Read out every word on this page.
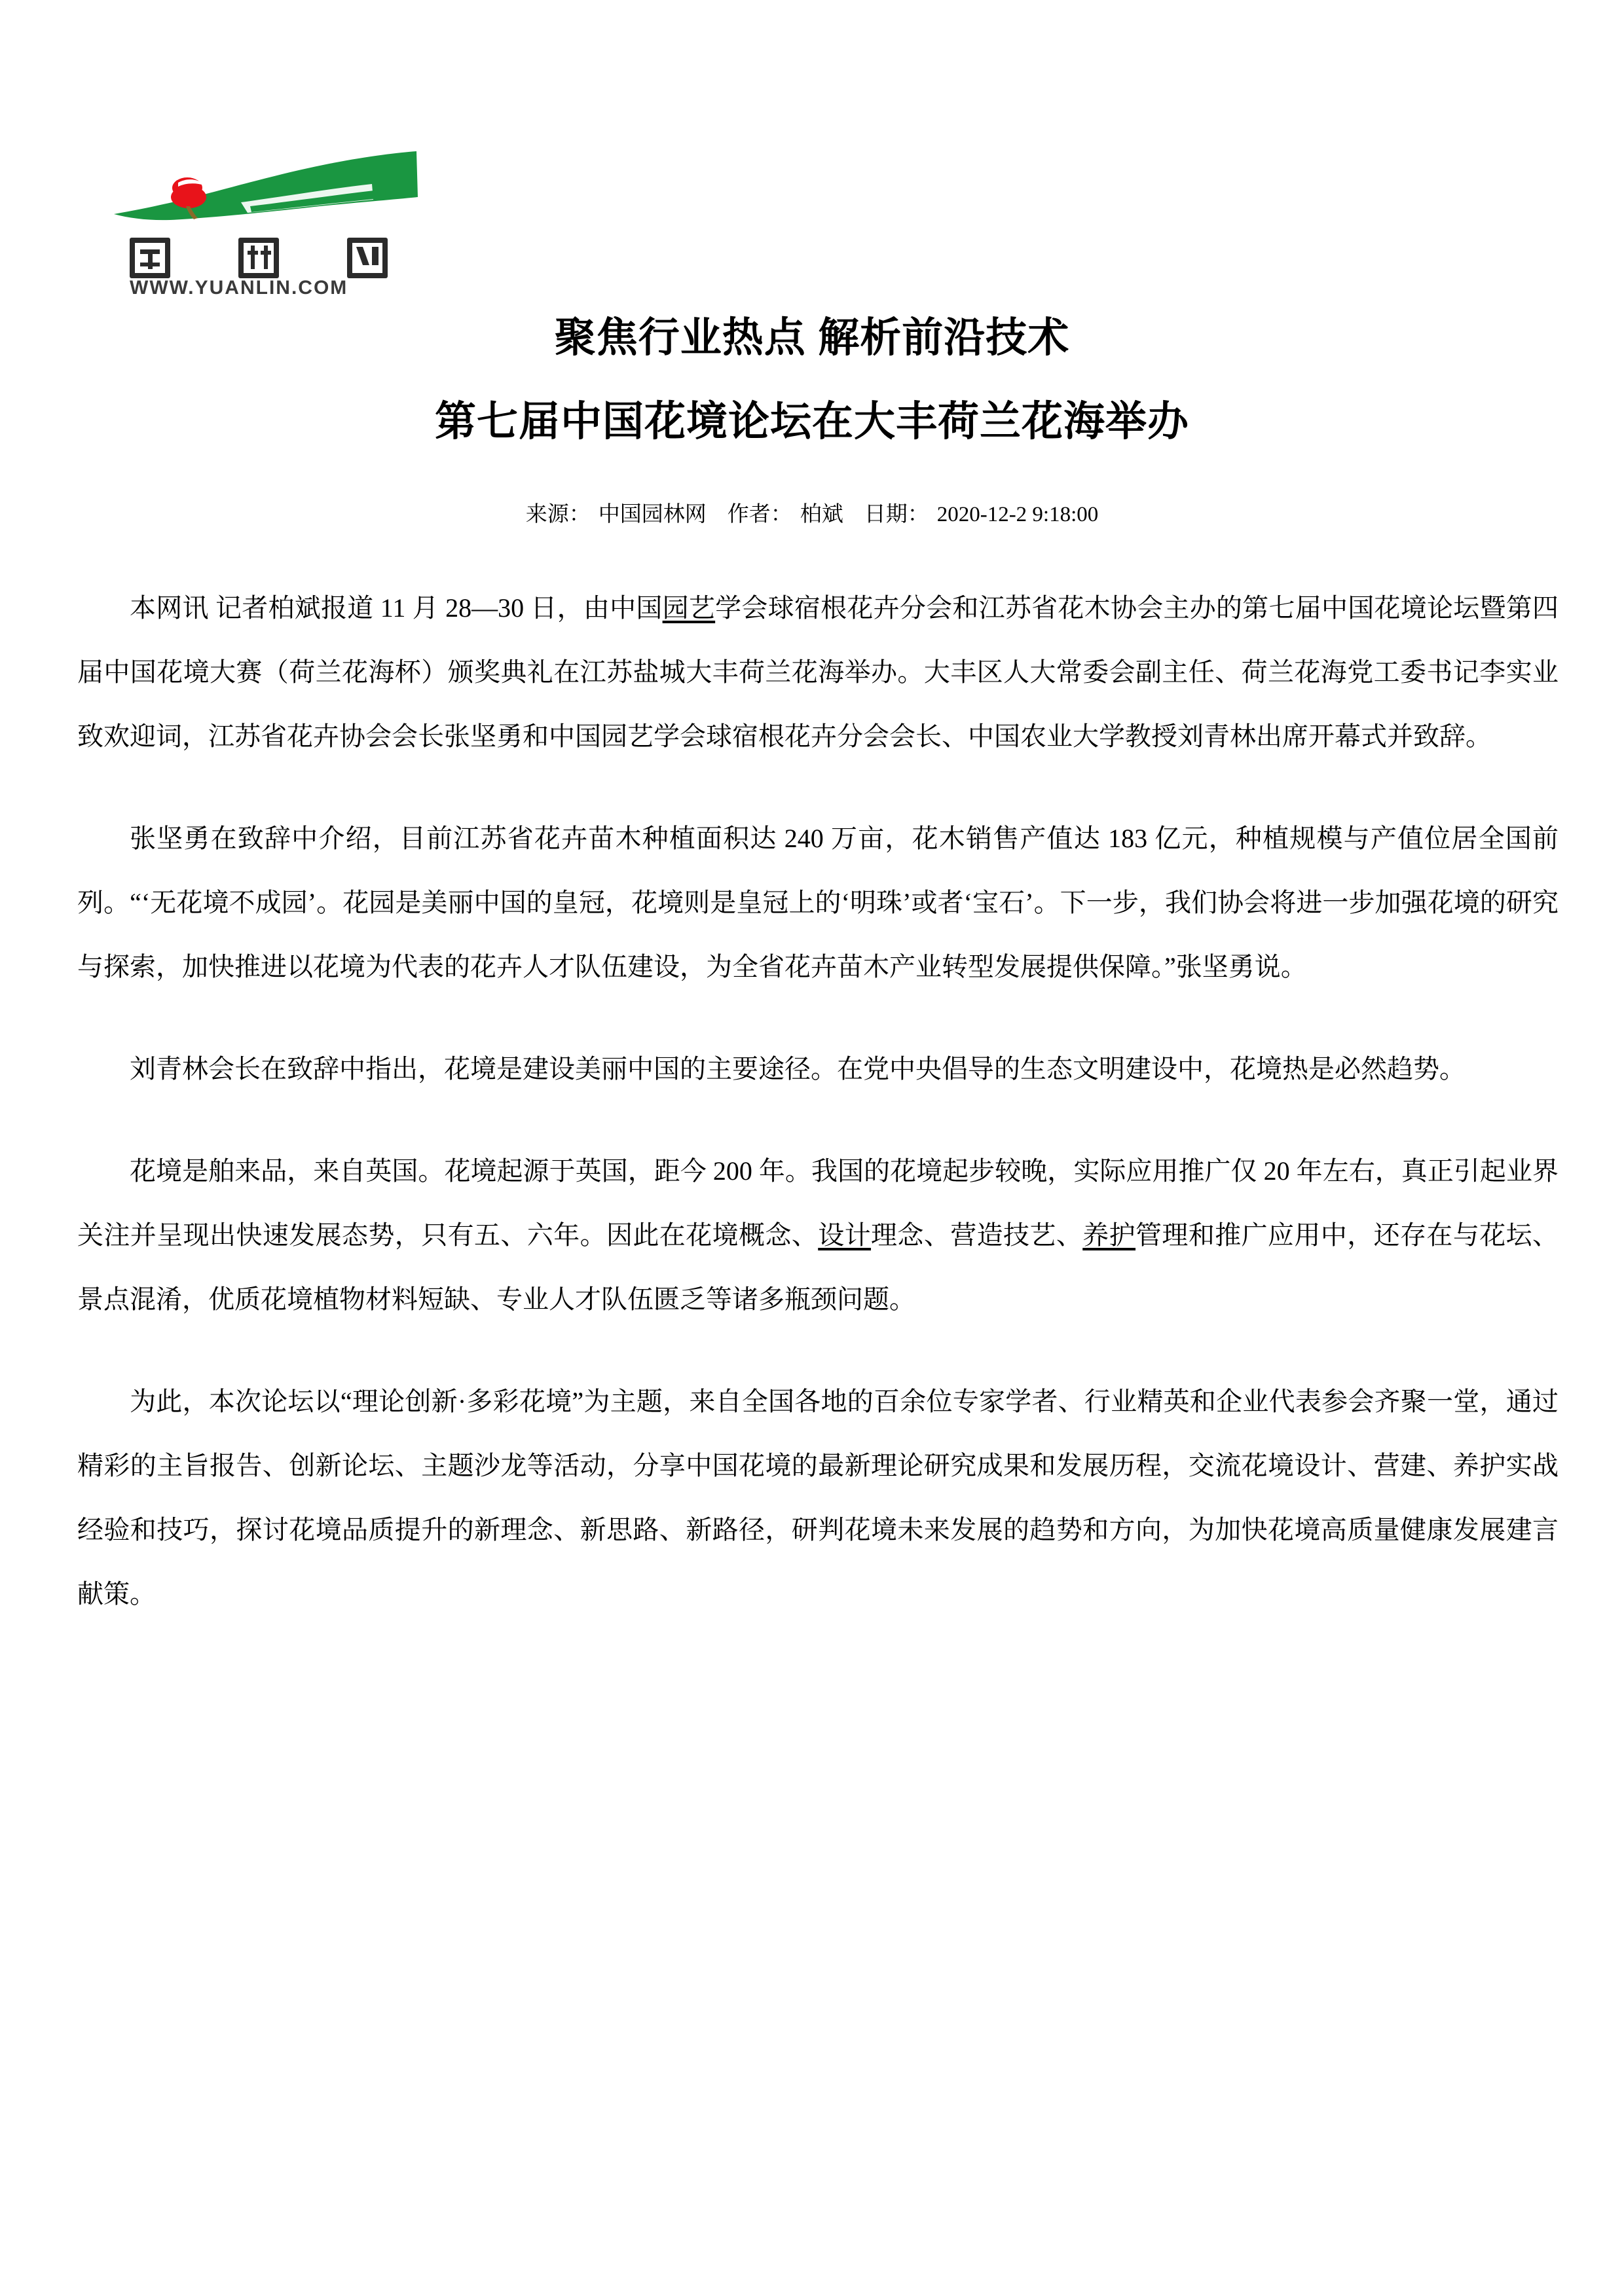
WWW.YUANLIN.COM
聚焦行业热点 解析前沿技术
第七届中国花境论坛在大丰荷兰花海举办
来源： 中国园林网 作者： 柏斌 日期： 2020-12-2 9:18:00
本网讯 记者柏斌报道 11 月 28—30 日，由中国园艺学会球宿根花卉分会和江苏省花木协会主办的第七届中国花境论坛暨第四届中国花境大赛（荷兰花海杯）颁奖典礼在江苏盐城大丰荷兰花海举办。大丰区人大常委会副主任、荷兰花海党工委书记李实业致欢迎词，江苏省花卉协会会长张坚勇和中国园艺学会球宿根花卉分会会长、中国农业大学教授刘青林出席开幕式并致辞。
张坚勇在致辞中介绍，目前江苏省花卉苗木种植面积达 240 万亩，花木销售产值达 183 亿元，种植规模与产值位居全国前列。“‘无花境不成园’。花园是美丽中国的皇冠，花境则是皇冠上的‘明珠’或者‘宝石’。下一步，我们协会将进一步加强花境的研究与探索，加快推进以花境为代表的花卉人才队伍建设，为全省花卉苗木产业转型发展提供保障。”张坚勇说。
刘青林会长在致辞中指出，花境是建设美丽中国的主要途径。在党中央倡导的生态文明建设中，花境热是必然趋势。
花境是舶来品，来自英国。花境起源于英国，距今 200 年。我国的花境起步较晚，实际应用推广仅 20 年左右，真正引起业界关注并呈现出快速发展态势，只有五、六年。因此在花境概念、设计理念、营造技艺、养护管理和推广应用中，还存在与花坛、景点混淆，优质花境植物材料短缺、专业人才队伍匮乏等诸多瓶颈问题。
为此，本次论坛以“理论创新·多彩花境”为主题，来自全国各地的百余位专家学者、行业精英和企业代表参会齐聚一堂，通过精彩的主旨报告、创新论坛、主题沙龙等活动，分享中国花境的最新理论研究成果和发展历程，交流花境设计、营建、养护实战经验和技巧，探讨花境品质提升的新理念、新思路、新路径，研判花境未来发展的趋势和方向，为加快花境高质量健康发展建言献策。
